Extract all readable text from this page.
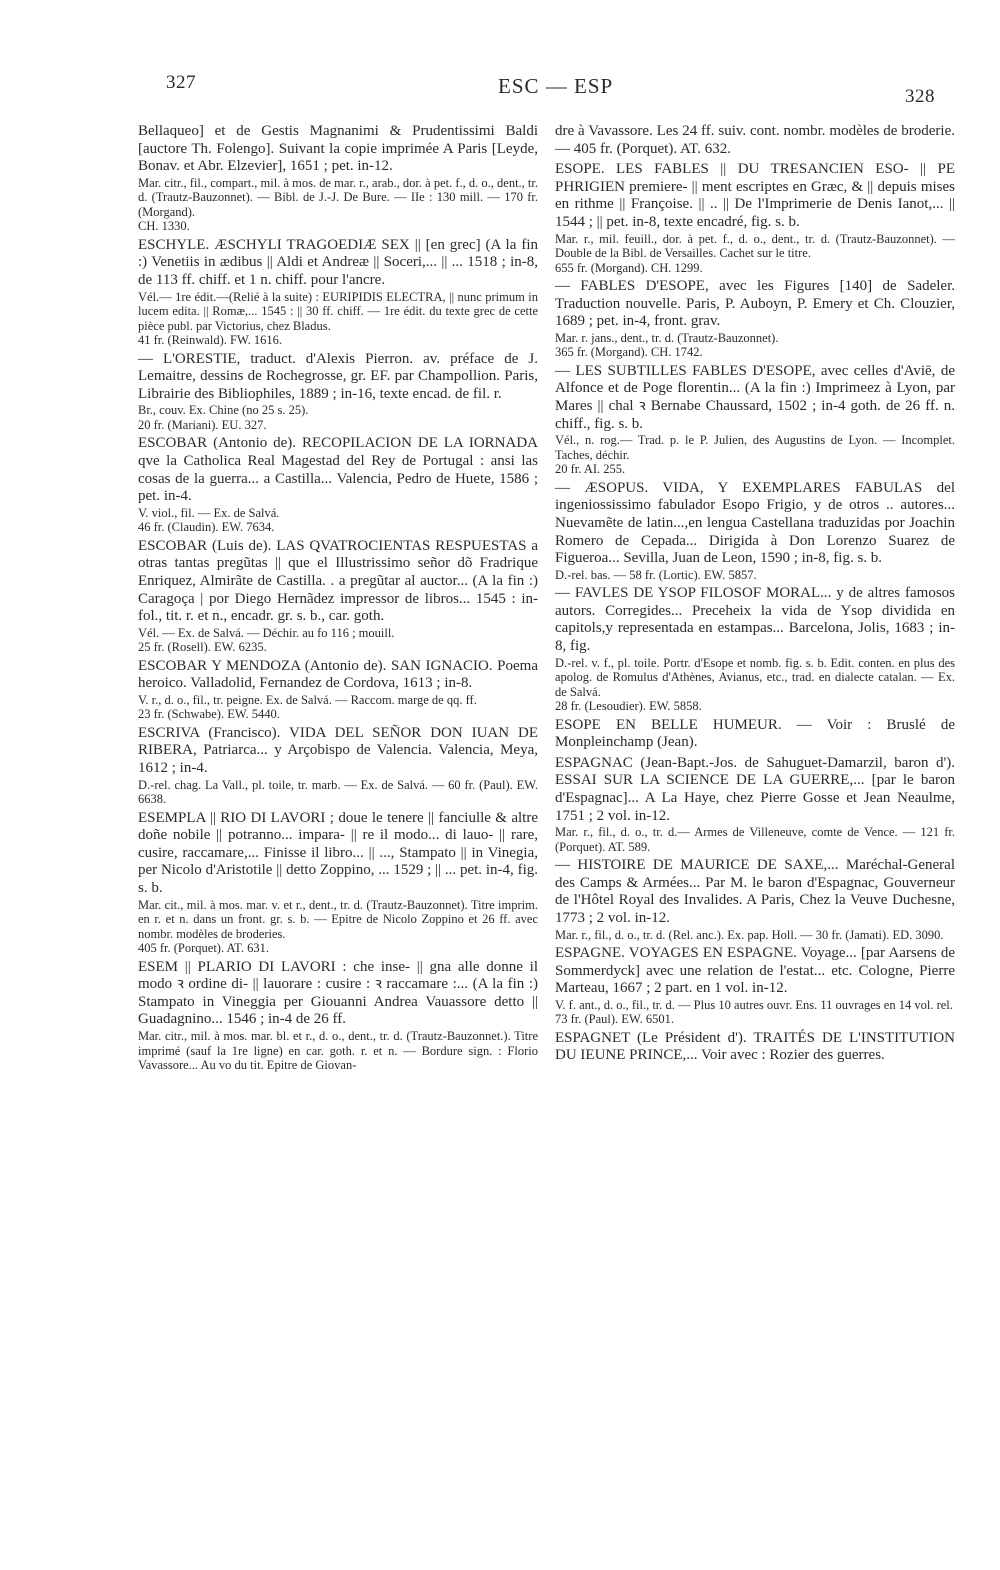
327	ESC — ESP	328

Bellaqueo] et de Gestis Magnanimi & Prudentissimi Baldi [auctore Th. Folengo]. Suivant la copie imprimée A Paris [Leyde, Bonav. et Abr. Elzevier], 1651 ; pet. in-12.

Mar. citr., fil., compart., mil. à mos. de mar. r., arab., dor. à pet. f., d. o., dent., tr. d. (Trautz-Bauzonnet). — Bibl. de J.-J. De Bure. — IIe : 130 mill. — 170 fr. (Morgand).

CH. 1330.

ESCHYLE. ÆSCHYLI TRAGOEDIÆ SEX || [en grec] (A la fin :) Venetiis in ædibus || Aldi et Andreæ || Soceri,... || ... 1518 ; in-8, de 113 ff. chiff. et 1 n. chiff. pour l'ancre.

Vél.— 1re édit.—(Relié à la suite) : EURIPIDIS ELECTRA, || nunc primum in lucem edita. || Romæ,... 1545 : || 30 ff. chiff. — 1re édit. du texte grec de cette pièce publ. par Victorius, chez Bladus.

41 fr. (Reinwald). FW. 1616.

— L'ORESTIE, traduct. d'Alexis Pierron. av. préface de J. Lemaitre, dessins de Rochegrosse, gr. EF. par Champollion. Paris, Librairie des Bibliophiles, 1889 ; in-16, texte encad. de fil. r.

Br., couv. Ex. Chine (no 25 s. 25).

20 fr. (Mariani). EU. 327.

ESCOBAR (Antonio de). RECOPILACION DE LA IORNADA qve la Catholica Real Magestad del Rey de Portugal : ansi las cosas de la guerra... a Castilla... Valencia, Pedro de Huete, 1586 ; pet. in-4.

V. viol., fil. — Ex. de Salvá.

46 fr. (Claudin). EW. 7634.

ESCOBAR (Luis de). LAS QVATROCIENTAS RESPUESTAS a otras tantas pregũtas || que el Illustrissimo señor dõ Fradrique Enriquez, Almirãte de Castilla. . a pregũtar al auctor... (A la fin :) Caragoça | por Diego Hernãdez impressor de libros... 1545 : in-fol., tit. r. et n., encadr. gr. s. b., car. goth.

Vél. — Ex. de Salvá. — Déchir. au fo 116 ; mouill.

25 fr. (Rosell). EW. 6235.

ESCOBAR Y MENDOZA (Antonio de). SAN IGNACIO. Poema heroico. Valladolid, Fernandez de Cordova, 1613 ; in-8.

V. r., d. o., fil., tr. peigne. Ex. de Salvá. — Raccom. marge de qq. ff.

23 fr. (Schwabe). EW. 5440.

ESCRIVA (Francisco). VIDA DEL SEÑOR DON IUAN DE RIBERA, Patriarca... y Arçobispo de Valencia. Valencia, Meya, 1612 ; in-4.

D.-rel. chag. La Vall., pl. toile, tr. marb. — Ex. de Salvá. — 60 fr. (Paul). EW. 6638.

ESEMPLA || RIO DI LAVORI ; doue le tenere || fanciulle & altre doñe nobile || potranno... impara- || re il modo... di lauo- || rare, cusire, raccamare,... Finisse il libro... || ..., Stampato || in Vinegia, per Nicolo d'Aristotile || detto Zoppino, ... 1529 ; || ... pet. in-4, fig. s. b.

Mar. cit., mil. à mos. mar. v. et r., dent., tr. d. (Trautz-Bauzonnet). Titre imprim. en r. et n. dans un front. gr. s. b. — Epitre de Nicolo Zoppino et 26 ff. avec nombr. modèles de broderies.

405 fr. (Porquet). AT. 631.

ESEM || PLARIO DI LAVORI : che inse- || gna alle donne il modo ꝛ ordine di- || lauorare : cusire : ꝛ raccamare :... (A la fin :) Stampato in Vineggia per Giouanni Andrea Vauassore detto || Guadagnino... 1546 ; in-4 de 26 ff.

Mar. citr., mil. à mos. mar. bl. et r., d. o., dent., tr. d. (Trautz-Bauzonnet.). Titre imprimé (sauf la 1re ligne) en car. goth. r. et n. — Bordure sign. : Florio Vavassore... Au vo du tit. Epitre de Giovan-

dre à Vavassore. Les 24 ff. suiv. cont. nombr. modèles de broderie.— 405 fr. (Porquet). AT. 632.

ESOPE. LES FABLES || DU TRESANCIEN ESO- || PE PHRIGIEN premiere- || ment escriptes en Græc, & || depuis mises en rithme || Françoise. || .. || De l'Imprimerie de Denis Ianot,... || 1544 ; || pet. in-8, texte encadré, fig. s. b.

Mar. r., mil. feuill., dor. à pet. f., d. o., dent., tr. d. (Trautz-Bauzonnet). — Double de la Bibl. de Versailles. Cachet sur le titre.

655 fr. (Morgand). CH. 1299.

— FABLES D'ESOPE, avec les Figures [140] de Sadeler. Traduction nouvelle. Paris, P. Auboyn, P. Emery et Ch. Clouzier, 1689 ; pet. in-4, front. grav.

Mar. r. jans., dent., tr. d. (Trautz-Bauzonnet).

365 fr. (Morgand). CH. 1742.

— LES SUBTILLES FABLES D'ESOPE, avec celles d'Aviē, de Alfonce et de Poge florentin... (A la fin :) Imprimeez à Lyon, par Mares || chal ꝛ Bernabe Chaussard, 1502 ; in-4 goth. de 26 ff. n. chiff., fig. s. b.

Vél., n. rog.— Trad. p. le P. Julien, des Augustins de Lyon. — Incomplet. Taches, déchir.

20 fr. AI. 255.

— ÆSOPUS. VIDA, Y EXEMPLARES FABULAS del ingeniossissimo fabulador Esopo Frigio, y de otros .. autores... Nuevamẽte de latin...,en lengua Castellana traduzidas por Joachin Romero de Cepada... Dirigida à Don Lorenzo Suarez de Figueroa... Sevilla, Juan de Leon, 1590 ; in-8, fig. s. b.

D.-rel. bas. — 58 fr. (Lortic). EW. 5857.

— FAVLES DE YSOP FILOSOF MORAL... y de altres famosos autors. Corregides... Preceheix la vida de Ysop dividida en capitols,y representada en estampas... Barcelona, Jolis, 1683 ; in-8, fig.

D.-rel. v. f., pl. toile. Portr. d'Esope et nomb. fig. s. b. Edit. conten. en plus des apolog. de Romulus d'Athènes, Avianus, etc., trad. en dialecte catalan. — Ex. de Salvá.

28 fr. (Lesoudier). EW. 5858.

ESOPE EN BELLE HUMEUR. — Voir : Bruslé de Monpleinchamp (Jean).

ESPAGNAC (Jean-Bapt.-Jos. de Sahuguet-Damarzil, baron d'). ESSAI SUR LA SCIENCE DE LA GUERRE,... [par le baron d'Espagnac]... A La Haye, chez Pierre Gosse et Jean Neaulme, 1751 ; 2 vol. in-12.

Mar. r., fil., d. o., tr. d.— Armes de Villeneuve, comte de Vence. — 121 fr. (Porquet). AT. 589.

— HISTOIRE DE MAURICE DE SAXE,... Maréchal-General des Camps & Armées... Par M. le baron d'Espagnac, Gouverneur de l'Hôtel Royal des Invalides. A Paris, Chez la Veuve Duchesne, 1773 ; 2 vol. in-12.

Mar. r., fil., d. o., tr. d. (Rel. anc.). Ex. pap. Holl. — 30 fr. (Jamati). ED. 3090.

ESPAGNE. VOYAGES EN ESPAGNE. Voyage... [par Aarsens de Sommerdyck] avec une relation de l'estat... etc. Cologne, Pierre Marteau, 1667 ; 2 part. en 1 vol. in-12.

V. f. ant., d. o., fil., tr. d. — Plus 10 autres ouvr. Ens. 11 ouvrages en 14 vol. rel.

73 fr. (Paul). EW. 6501.

ESPAGNET (Le Président d'). TRAITÉS DE L'INSTITUTION DU IEUNE PRINCE,... Voir avec : Rozier des guerres.
